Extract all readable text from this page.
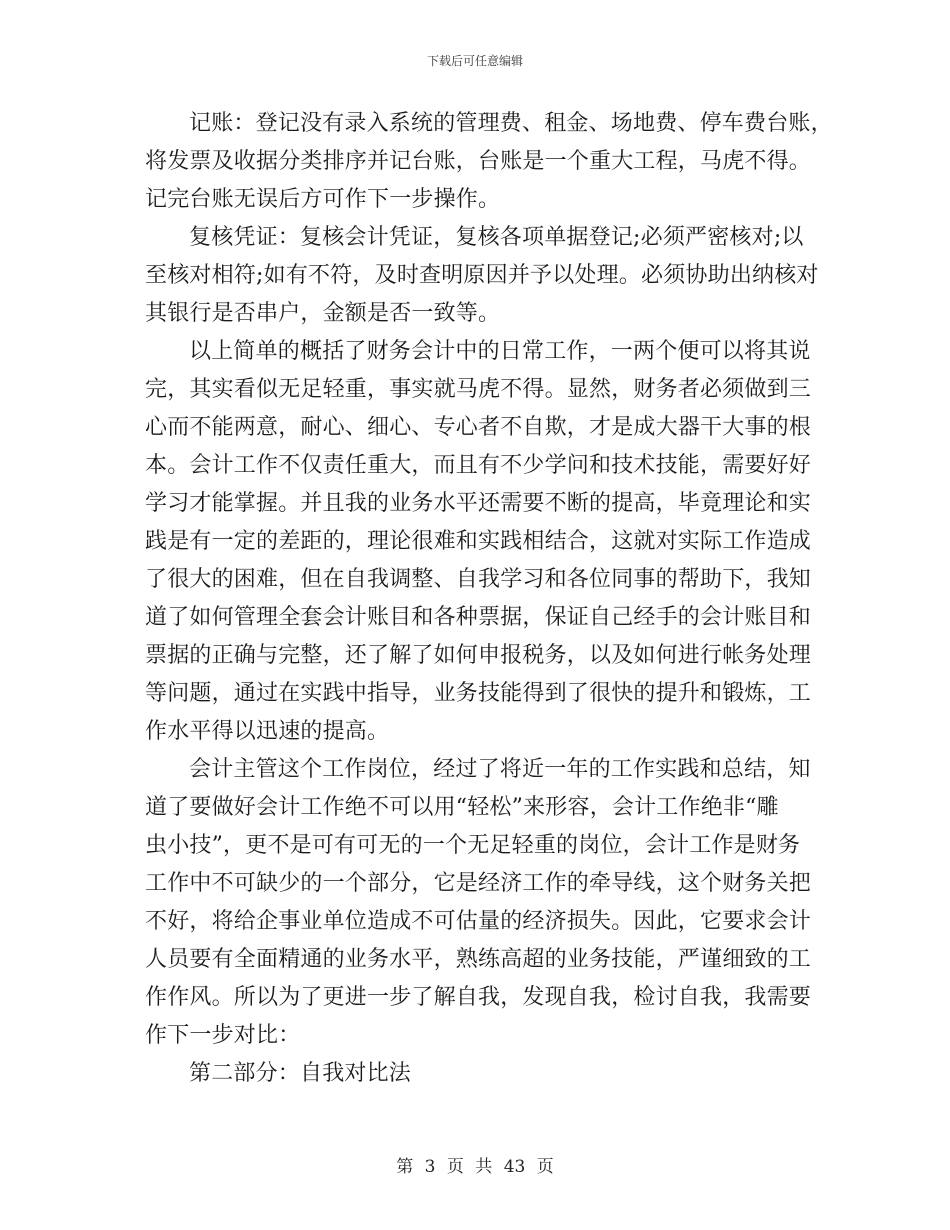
下载后可任意编辑
记账：登记没有录入系统的管理费、租金、场地费、停车费台账，
将发票及收据分类排序并记台账，台账是一个重大工程，马虎不得。
记完台账无误后方可作下一步操作。
复核凭证：复核会计凭证，复核各项单据登记;必须严密核对;以
至核对相符;如有不符，及时查明原因并予以处理。必须协助出纳核对
其银行是否串户，金额是否一致等。
以上简单的概括了财务会计中的日常工作，一两个便可以将其说
完，其实看似无足轻重，事实就马虎不得。显然，财务者必须做到三
心而不能两意，耐心、细心、专心者不自欺，才是成大器干大事的根
本。会计工作不仅责任重大，而且有不少学问和技术技能，需要好好
学习才能掌握。并且我的业务水平还需要不断的提高，毕竟理论和实
践是有一定的差距的，理论很难和实践相结合，这就对实际工作造成
了很大的困难，但在自我调整、自我学习和各位同事的帮助下，我知
道了如何管理全套会计账目和各种票据，保证自己经手的会计账目和
票据的正确与完整，还了解了如何申报税务，以及如何进行帐务处理
等问题，通过在实践中指导，业务技能得到了很快的提升和锻炼，工
作水平得以迅速的提高。
会计主管这个工作岗位，经过了将近一年的工作实践和总结，知
道了要做好会计工作绝不可以用“轻松”来形容，会计工作绝非“雕
虫小技”，更不是可有可无的一个无足轻重的岗位，会计工作是财务
工作中不可缺少的一个部分，它是经济工作的牵导线，这个财务关把
不好，将给企事业单位造成不可估量的经济损失。因此，它要求会计
人员要有全面精通的业务水平，熟练高超的业务技能，严谨细致的工
作作风。所以为了更进一步了解自我，发现自我，检讨自我，我需要
作下一步对比：
第二部分：自我对比法
第 3 页 共 43 页
